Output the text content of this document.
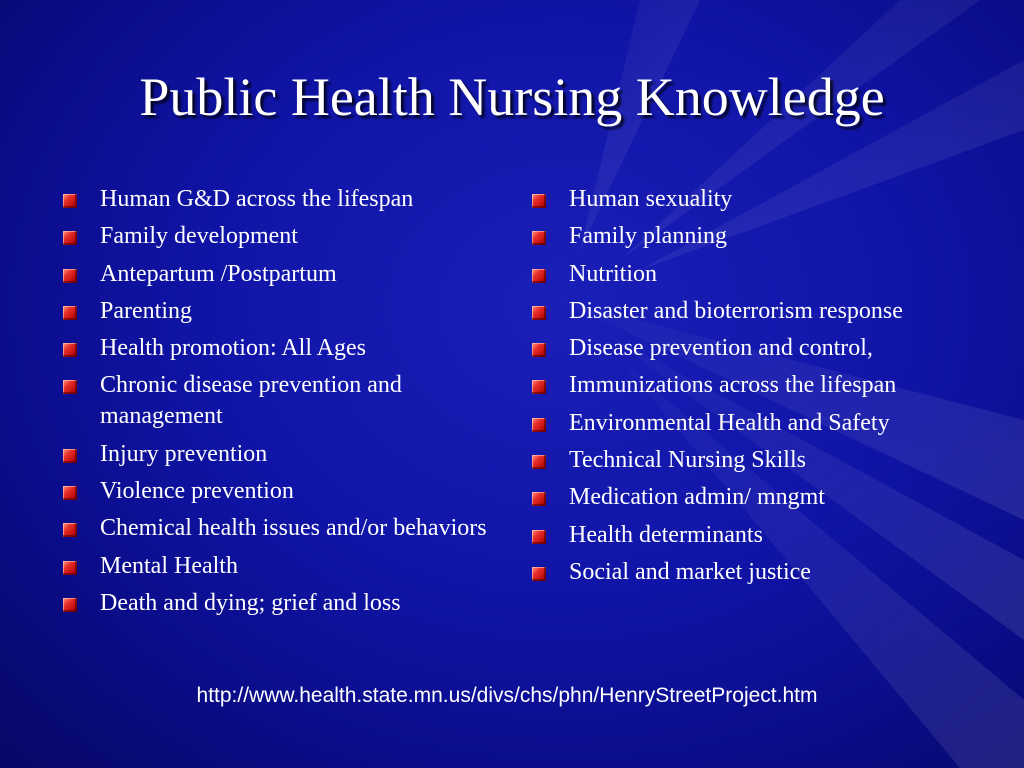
Public Health Nursing Knowledge
Human G&D across the lifespan
Family development
Antepartum /Postpartum
Parenting
Health promotion: All Ages
Chronic disease prevention and management
Injury prevention
Violence prevention
Chemical health issues and/or behaviors
Mental Health
Death and dying; grief and loss
Human sexuality
Family planning
Nutrition
Disaster and bioterrorism response
Disease prevention and control,
Immunizations across the lifespan
Environmental Health and Safety
Technical Nursing Skills
Medication admin/ mngmt
Health determinants
Social and market justice
http://www.health.state.mn.us/divs/chs/phn/HenryStreetProject.htm
